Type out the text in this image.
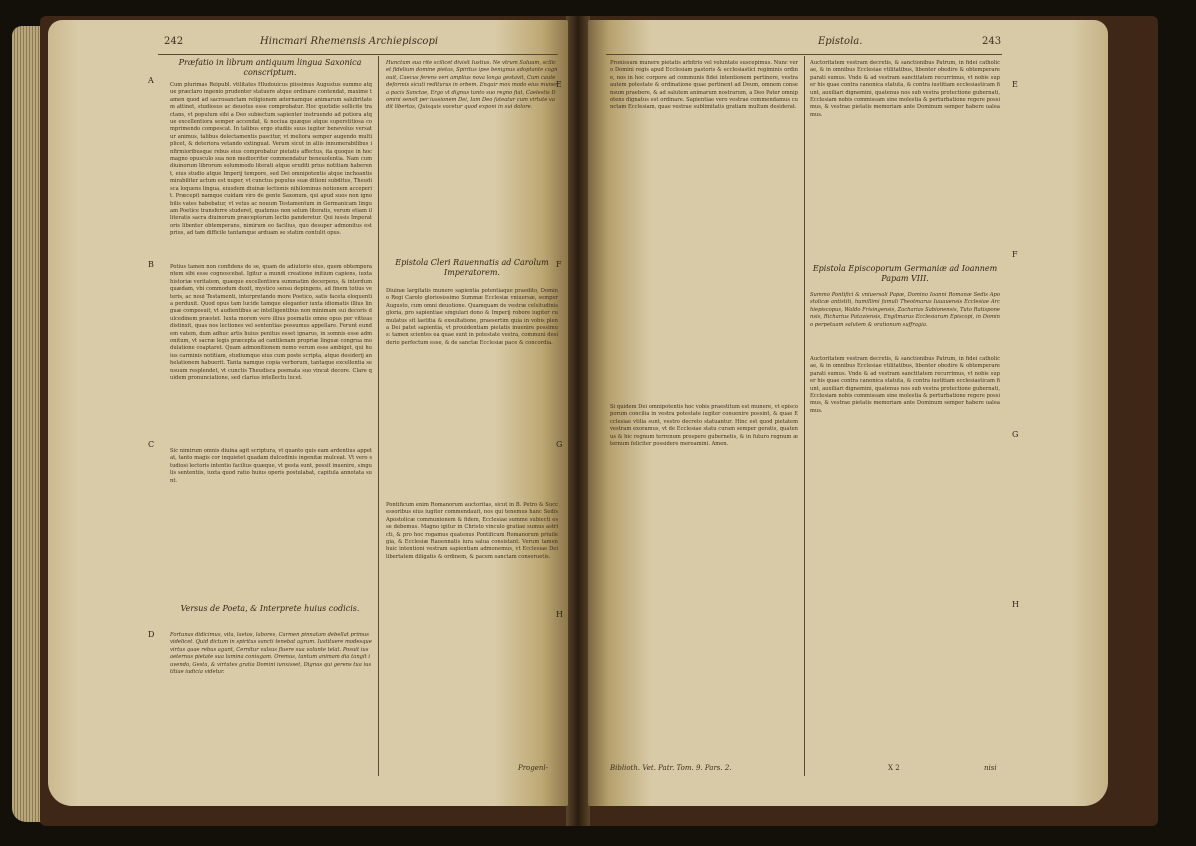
242	Hincmari Rhemensis Archiepiscopi
A
B
C
D
E
F
G
H
Præfatio in librum antiquum lingua Saxonica conscriptum.
Cum plurimas Reipubl. vtilitates Hludouicus piissimus Augustus summo atque præclaro ingenio prudenter statuere atque ordinare contendat, maxime tamen quod ad sacrosanctam religionem æternamque animarum salubritatem attinet, studiosus ac deuotus esse comprobatur. Hoc quotidie sollicite tractans, vt populum sibi a Deo subiectum sapienter instruendo ad potiora atque excellentiora semper accendat, & nociua quæque atque superstitiosa comprimendo compescat. In talibus ergo studiis suus iugiter benevolus versatur animus, talibus delectamentis pascitur, vt meliora semper augendo multiplicet, & deteriora vetando extinguat. Verum sicut in aliis innumerabilibus infirmioribusque rebus eius comprobatur pietatis affectus, ita quoque in hoc magno opusculo sua non mediocriter commendatur beneuolentia. Nam cum diuinorum librorum solummodo literati atque eruditi prius notitiam haberent, eius studio atque Imperij tempore, sed Dei omnipotentis atque inchoantis mirabiliter actum est nuper, vt cunctus populus suæ ditioni subditus, Theudisca loquens lingua, eiusdem diuinæ lectionis nihilominus notionem acceperit. Præcepit namque cuidam viro de gente Saxonum, qui apud suos non ignobilis vates habebatur, vt vetus ac nouum Testamentum in Germanicam linguam Poetice transferre studeret, quatenus non solum literatis, verum etiam illiteratis sacra diuinorum præceptorum lectio panderetur. Qui iussis Imperatoris libenter obtemperans, nimirum eo facilius, quo desuper admonitus est prius, ad tam difficile tantamque arduam se statim contulit opus.
Potius tamen non confidens de se, quam de adiutorio eius, quem obtemperantem sibi esse cognoscebat. Igitur a mundi creatione initium capiens, iuxta historiæ veritatem, quæque excellentiora summatim decerpens, & interdum quædam, vbi commodum duxit, mystico sensu depingens, ad finem totius veteris, ac noui Testamenti, interpretando more Poetico, satis faceta eloquentia perduxit. Quod opus tam lucide tamque eleganter iuxta idiomatis illius linguæ composuit, vt audientibus ac intelligentibus non minimam sui decoris dulcedinem præstet. Iuxta morem vero illius poematis omne opus per vitteas distinxit, quas nos lectiones vel sententias possumus appellare. Ferunt eundem vatem, dum adhuc artis huius penitus esset ignarus, in somnis esse admonitum, vt sacræ legis præcepta ad cantilenam propriæ linguæ congrua modulatione coaptaret. Quam admonitionem nemo verum esse ambiget, qui huius carminis notitiam, studiumque eius cum poste scripta, atque desiderij anhelationem habuerit. Tanta namque copia verborum, tantaque excellentia sensuum resplendet, vt cunctis Theudisca poemata suo vincat decore. Clare quidem pronunciatione, sed clarius intellectu lucet.
Sic nimirum omnis diuina agit scriptura, vt quanto quis eam ardentius appetat, tanto magis cor inquietet quadam dulcedinis ingenitæ mulceat. Vt vero studiosi lectoris intentio facilius quæque, vt gesta sunt, possit inuenire, singulis sententiis, iuxta quod ratio huius operis postulabat, capitula annotata sunt.
Versus de Poeta, & Interprete huius codicis.
Fortunas didicimus, vita, laetos, labores, Carmen pinnatam debellat primus videlicet. Quid dictum in spiritus sancti tenebat agrum. Iustituere modesque virtus quae rebus agunt, Cernitur vulsus fluere sua volunte telat. Posuit ius aeternus pietate sua lumina coniugam. Oremus, tantum animam dia tangit iuvendo, Gesta, & virtutes gratia Domini iunxisset, Dignus qui gerens tua iustitiae iudicia videtur.
Hunctum sua rite scilicet divisit Iustius. Ne vtrum Saluum, scilicet fidelium domine pietas, Spiritus ipse benignus adoptante cognouit, Caecus ferens veri amplius nova longa gestavit, Cum caute deformis sicuti rediturus in orbem. Enquir mox modo eius munera pacis Sanctae, Ergo vt dignus tanto suo regno fiat, Caelestis Domini sensit per iussionem Dei, Iam Deo fateatur cum virtute vadit libertas, Quisquis vocetur quod exponi in sui dolore.
Epistola Cleri Rauennatis ad Carolum Imperatorem.
Diuinæ largitatis munere sapientia potentiaque praedito, Domino Regi Carolo gloriosissimo Summæ Ecclesiæ vniuersæ, semper Augusto, cum omni deuotione. Quamquam de vestræ celsitudinis gloria, pro sapientiae singulari dono & Imperij robore iugiter cumulatus sit laetitia & exsultatione, praesertim quia in vobis plena Dei patet sapientia, vt prouidentiam pietatis inuenire possimus: tamen scientes ea quae sunt in potestate vestra, communi desiderio perfectum esse, & de sanctæ Ecclesiæ pace & concordia.
Pontificum enim Romanorum auctoritas, sicut in B. Petro & Successoribus eius iugiter commendauit, nos qui tenemus hanc Sedis Apostolicæ communionem & fidem, Ecclesiae summe subiecti esse debemus. Magno igitur in Christo vinculo gratiae sumus astricti, & pro hoc rogamus quatenus Pontificum Romanorum priuilegia, & Ecclesiæ Rauennatis iura salua consistant. Verum tamen huic intentioni vestram sapientiam admonemus, vt Ecclesiae Dei libertatem diligatis & ordinem, & pacem sanctam conseruetis.
Progenl-
Epistola.	243
E
F
G
H
Pronissum munere pietatis arbitrio vel voluntate suscepimus. Nunc vero Domini regis apud Ecclesiam pastoris & ecclesiastici regiminis ordine, nos in hoc corpore ad communis fidei intentionem pertinere, vestra autem potestate & ordinatione quae pertinent ad Deum, omnem consensum praebere, & ad salutem animarum nostrarum, a Deo Pater omnipotens dignatus est ordinare. Sapientiae vero vestrae commendamus cunctam Ecclesiam, quae vestrae sublimitatis gratiam multum desiderat.
Si quidem Dei omnipotentis hoc vobis praestitum est munere, vt episcoporum concilia in vestra potestate iugiter conuenire possint, & quae Ecclesiae vtilia sunt, vestro decreto statuantur. Hinc est quod pietatem vestram exoramus, vt de Ecclesiae statu curam semper geratis, quatenus & hic regnum terrenum prospere gubernetis, & in futuro regnum æternum feliciter possidere mereamini. Amen.
Auctoritatem vestram decretis, & sanctionibus Patrum, in fidei catholicae, & in omnibus Ecclesiae vtilitatibus, libenter obedire & obtemperare parati sumus. Vnde & ad vestram sanctitatem recurrimus, vt nobis super his quae contra canonica statuta, & contra iustitiam ecclesiasticam fiunt, auxiliari dignemini, quatenus nos sub vestra protectione gubernati, Ecclesiam nobis commissam sine molestia & perturbatione regere possimus, & vestrae pietatis memoriam ante Dominum semper habere ualeamus.
Epistola Episcoporum Germaniæ ad Ioannem Papam VIII.
Summo Pontifici & vniuersali Papæ, Domino Ioanni Romanæ Sedis Apostolicæ antistiti, humillimi famuli Theotmarus Iuuauensis Ecclesiae Archiepiscopus, Waldo Frisingensis, Zacharias Sabionensis, Tuto Ratisponensis, Richarius Pataviensis, Engilmarus Ecclesiarum Episcopi, in Domino perpetuam salutem & orationum suffragia.
Auctoritatem vestram decretis, & sanctionibus Patrum, in fidei catholicae, & in omnibus Ecclesiae vtilitatibus, libenter obedire & obtemperare parati sumus. Vnde & ad vestram sanctitatem recurrimus, vt nobis super his quae contra canonica statuta, & contra iustitiam ecclesiasticam fiunt, auxiliari dignemini, quatenus nos sub vestra protectione gubernati, Ecclesiam nobis commissam sine molestia & perturbatione regere possimus, & vestrae pietatis memoriam ante Dominum semper habere ualeamus.
Biblioth. Vet. Patr. Tom. 9. Pars. 2.	X 2	nisi
